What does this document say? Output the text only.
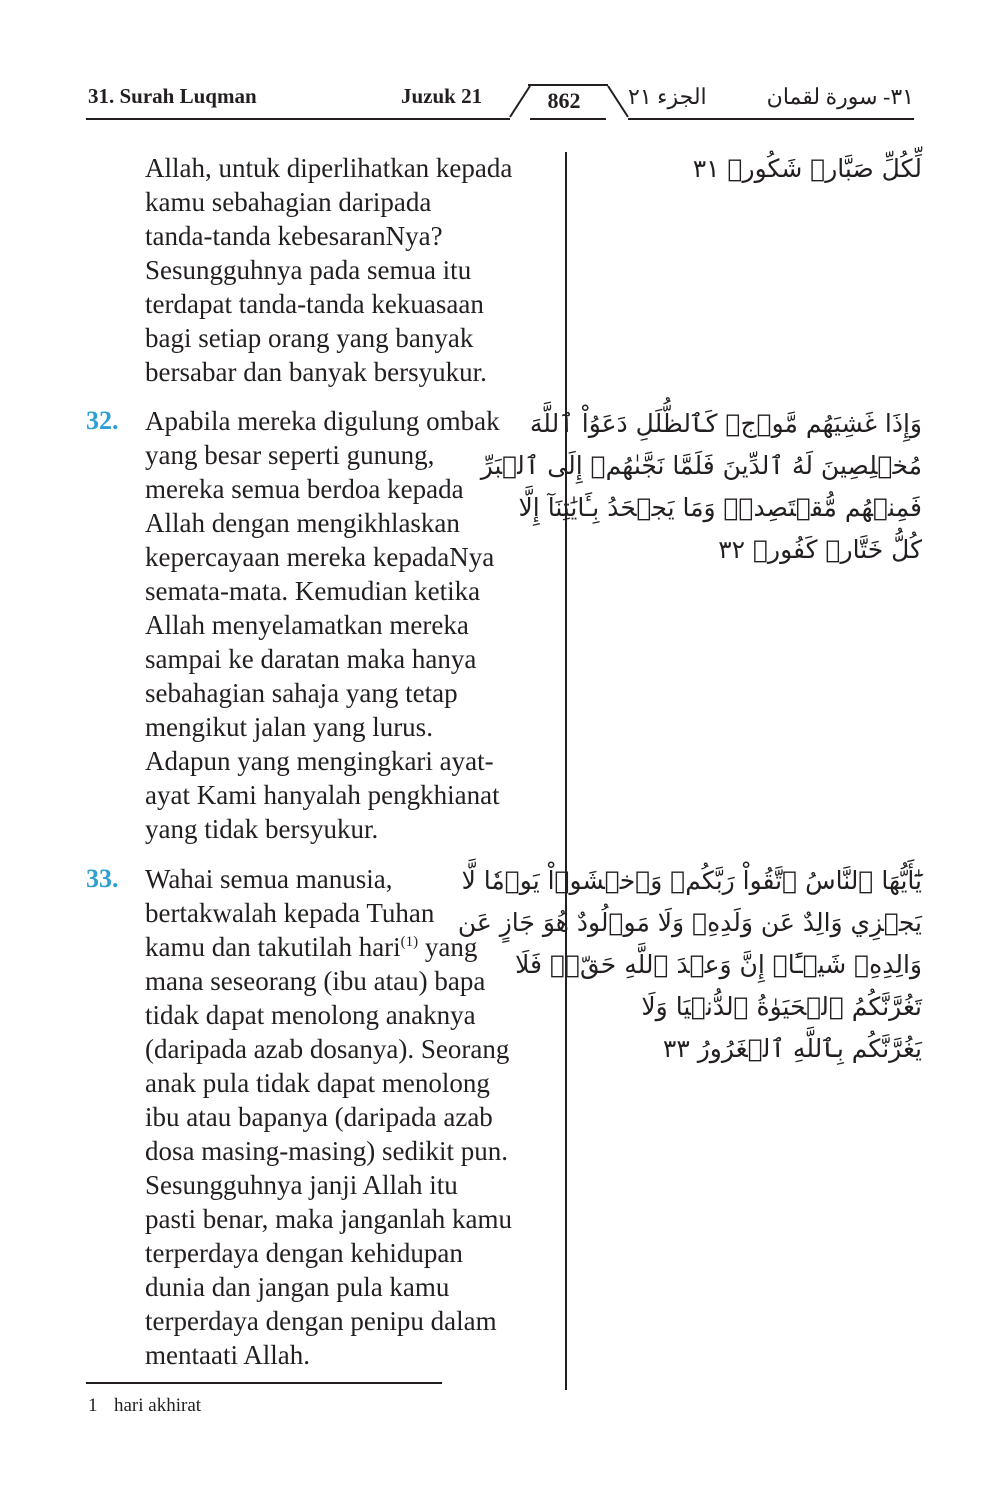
31. Surah Luqman	Juzuk 21	862	الجزء ٢١	٣١- سورة لقمان
Allah, untuk diperlihatkan kepada
kamu sebahagian daripada
tanda-tanda kebesaranNya?
Sesungguhnya pada semua itu
terdapat tanda-tanda kekuasaan
bagi setiap orang yang banyak
bersabar dan banyak bersyukur.
لِّكُلِّ صَبَّارٖ شَكُورٖ ٣١
32. Apabila mereka digulung ombak
yang besar seperti gunung,
mereka semua berdoa kepada
Allah dengan mengikhlaskan
kepercayaan mereka kepadaNya
semata-mata. Kemudian ketika
Allah menyelamatkan mereka
sampai ke daratan maka hanya
sebahagian sahaja yang tetap
mengikut jalan yang lurus.
Adapun yang mengingkari ayat-
ayat Kami hanyalah pengkhianat
yang tidak bersyukur.
وَإِذَا غَشِيَهُم مَّوۡجٞ كَٱلظُّلَلِ دَعَوُاْ ٱللَّهَ
مُخۡلِصِينَ لَهُ ٱلدِّينَ فَلَمَّا نَجَّىٰهُمۡ إِلَى ٱلۡبَرِّ
فَمِنۡهُم مُّقۡتَصِدٞۚ وَمَا يَجۡحَدُ بِـَٔايَٰتِنَآ إِلَّا
كُلُّ خَتَّارٖ كَفُورٖ ٣٢
33. Wahai semua manusia,
bertakwalah kepada Tuhan
kamu dan takutilah hari$^{(1)}$ yang
mana seseorang (ibu atau) bapa
tidak dapat menolong anaknya
(daripada azab dosanya). Seorang
anak pula tidak dapat menolong
ibu atau bapanya (daripada azab
dosa masing-masing) sedikit pun.
Sesungguhnya janji Allah itu
pasti benar, maka janganlah kamu
terperdaya dengan kehidupan
dunia dan jangan pula kamu
terperdaya dengan penipu dalam
mentaati Allah.
يَٰٓأَيُّهَا ٱلنَّاسُ ٱتَّقُواْ رَبَّكُمۡ وَٱخۡشَوۡاْ يَوۡمٗا لَّا
يَجۡزِي وَالِدٌ عَن وَلَدِهِۦ وَلَا مَوۡلُودٌ هُوَ جَازٍ عَن
وَالِدِهِۦ شَيۡـًٔاۚ إِنَّ وَعۡدَ ٱللَّهِ حَقّٞۖ فَلَا
تَغُرَّنَّكُمُ ٱلۡحَيَوٰةُ ٱلدُّنۡيَا وَلَا
يَغُرَّنَّكُم بِٱللَّهِ ٱلۡغَرُورُ ٣٣
1 hari akhirat
